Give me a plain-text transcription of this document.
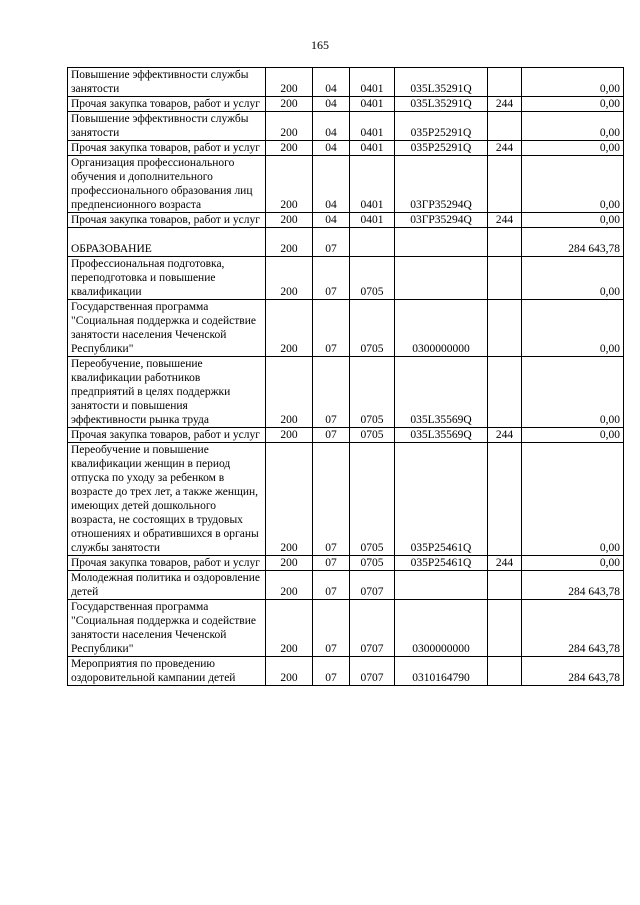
165
Повышение эффективности службы занятости	200	04	0401	035L35291Q		0,00
Прочая закупка товаров, работ и услуг	200	04	0401	035L35291Q	244	0,00
Повышение эффективности службы занятости	200	04	0401	035P25291Q		0,00
Прочая закупка товаров, работ и услуг	200	04	0401	035P25291Q	244	0,00
Организация профессионального обучения и дополнительного профессионального образования лиц предпенсионного возраста	200	04	0401	03ГР35294Q		0,00
Прочая закупка товаров, работ и услуг	200	04	0401	03ГР35294Q	244	0,00
ОБРАЗОВАНИЕ	200	07				284 643,78
Профессиональная подготовка, переподготовка и повышение квалификации	200	07	0705			0,00
Государственная программа "Социальная поддержка и содействие занятости населения Чеченской Республики"	200	07	0705	0300000000		0,00
Переобучение, повышение квалификации работников предприятий в целях поддержки занятости и повышения эффективности рынка труда	200	07	0705	035L35569Q		0,00
Прочая закупка товаров, работ и услуг	200	07	0705	035L35569Q	244	0,00
Переобучение и повышение квалификации женщин в период отпуска по уходу за ребенком в возрасте до трех лет, а также женщин, имеющих детей дошкольного возраста, не состоящих в трудовых отношениях и обратившихся в органы службы занятости	200	07	0705	035P25461Q		0,00
Прочая закупка товаров, работ и услуг	200	07	0705	035P25461Q	244	0,00
Молодежная политика и оздоровление детей	200	07	0707			284 643,78
Государственная программа "Социальная поддержка и содействие занятости населения Чеченской Республики"	200	07	0707	0300000000		284 643,78
Мероприятия по проведению оздоровительной кампании детей	200	07	0707	0310164790		284 643,78
